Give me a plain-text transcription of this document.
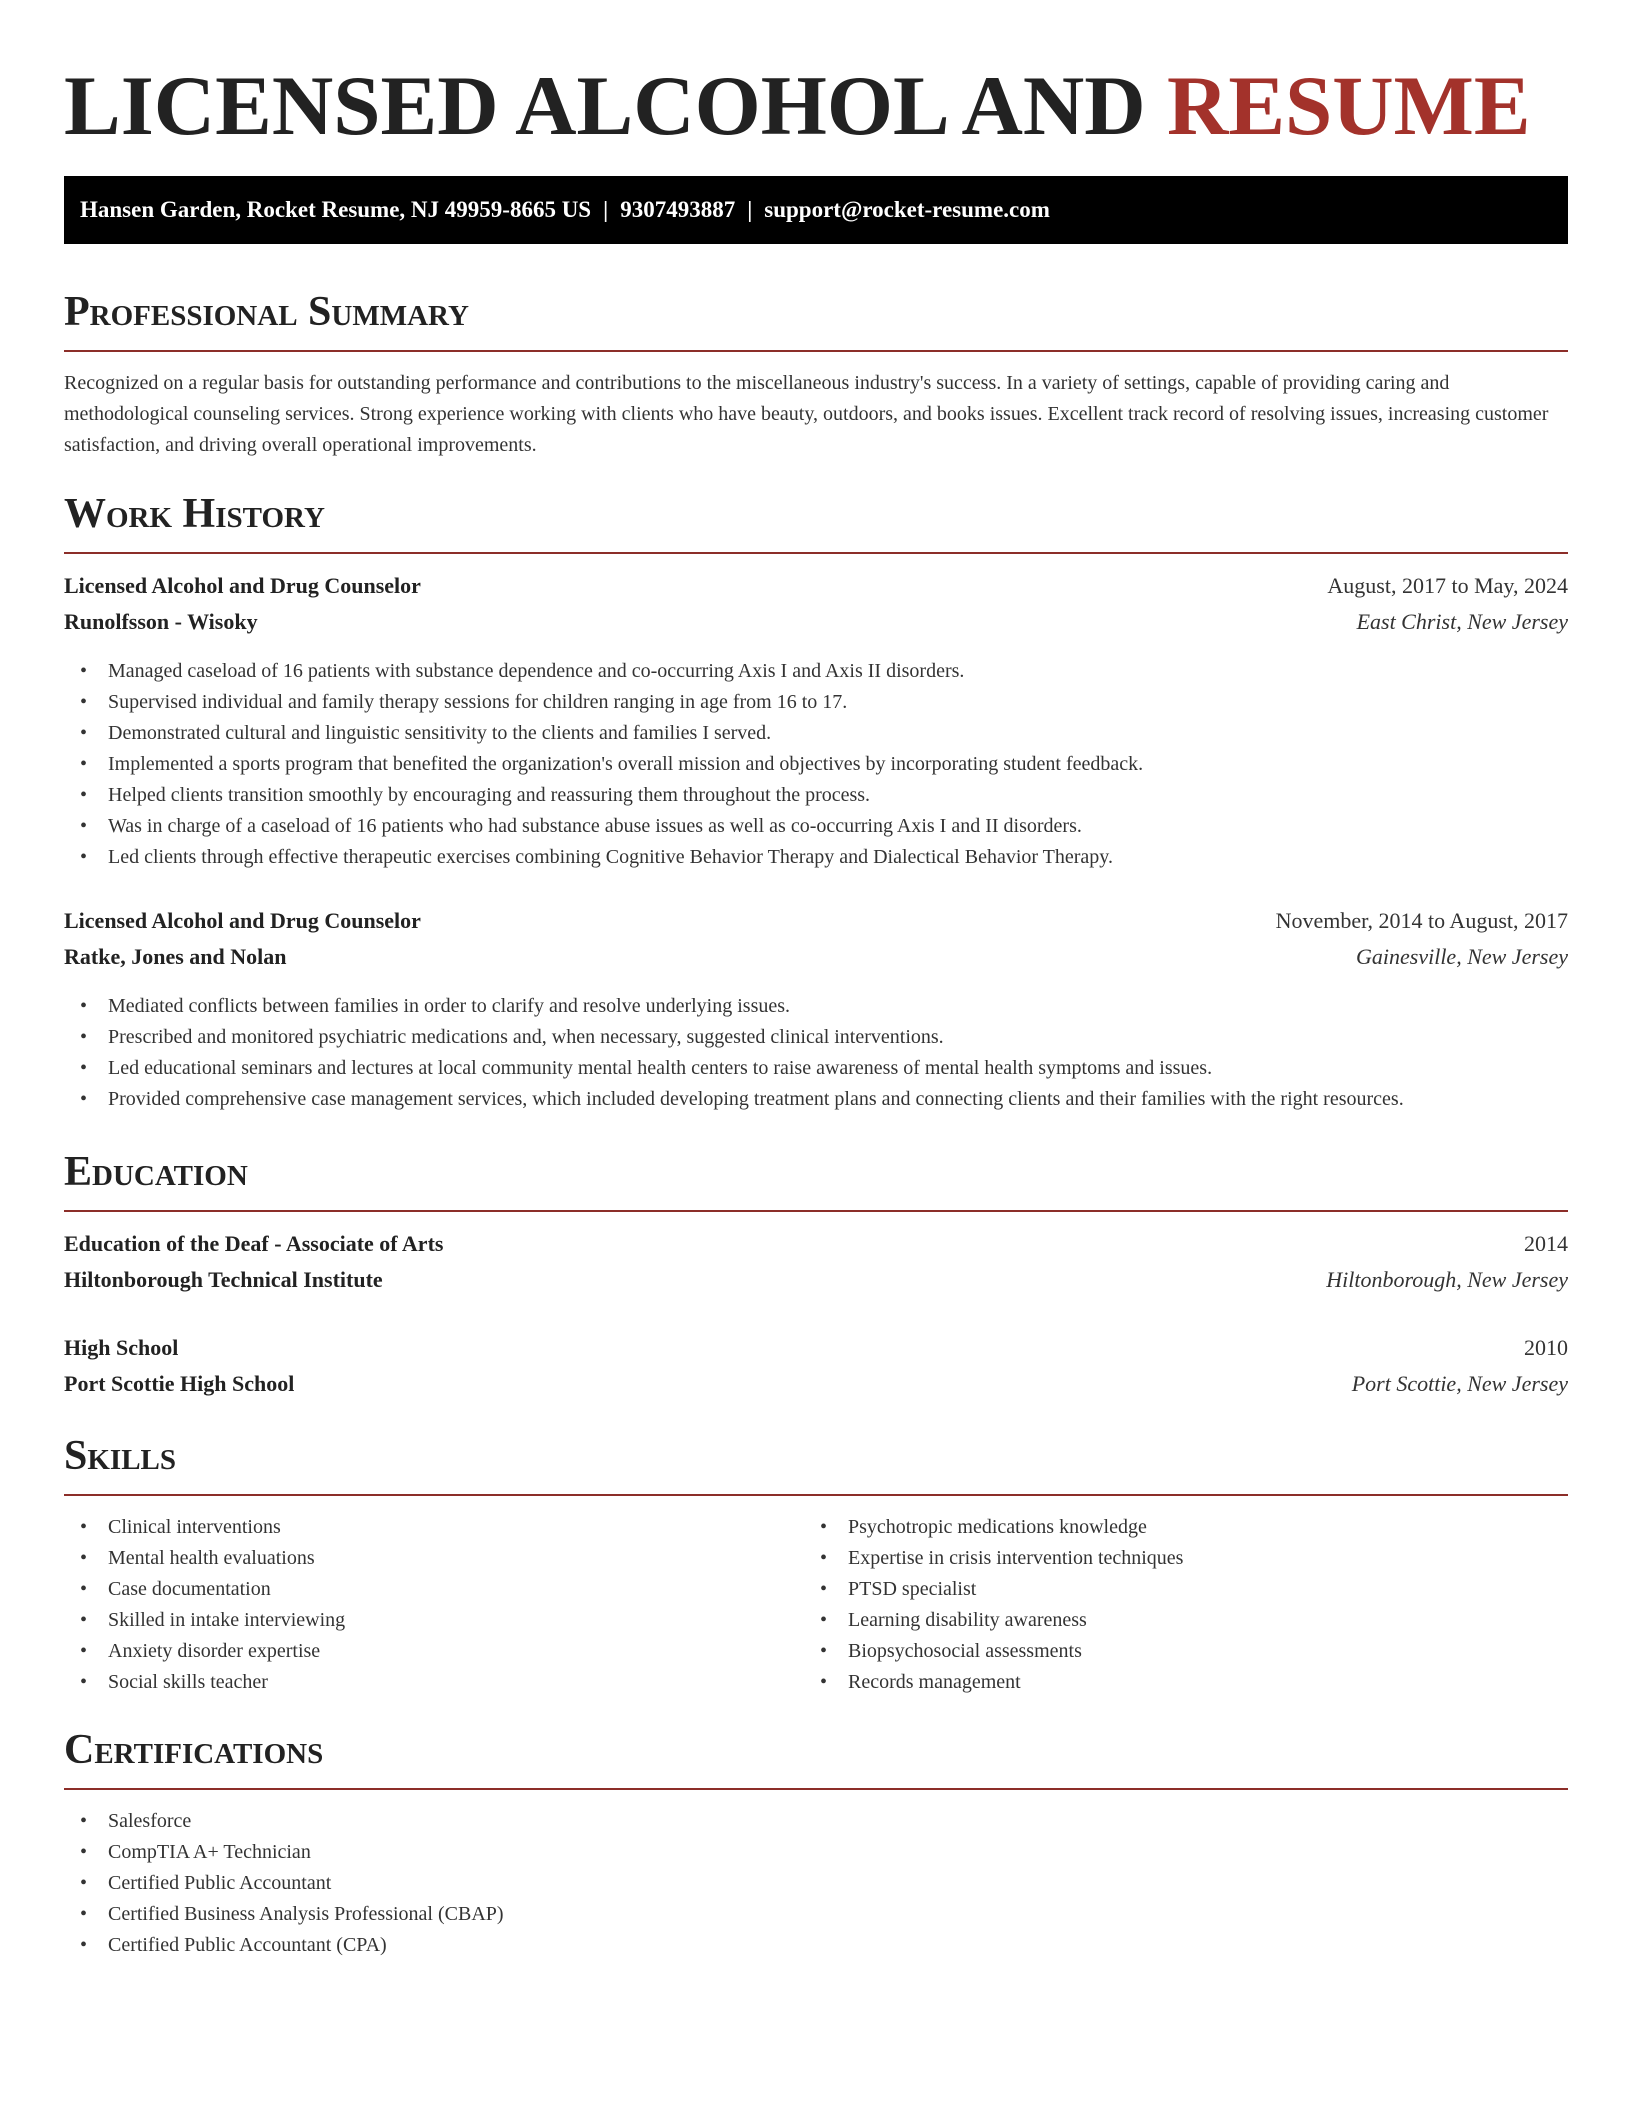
LICENSED ALCOHOL AND RESUME
Hansen Garden, Rocket Resume, NJ 49959-8665 US | 9307493887 | support@rocket-resume.com
Professional Summary
Recognized on a regular basis for outstanding performance and contributions to the miscellaneous industry's success. In a variety of settings, capable of providing caring and methodological counseling services. Strong experience working with clients who have beauty, outdoors, and books issues. Excellent track record of resolving issues, increasing customer satisfaction, and driving overall operational improvements.
Work History
Licensed Alcohol and Drug Counselor	August, 2017 to May, 2024
Runolfsson - Wisoky	East Christ, New Jersey
• Managed caseload of 16 patients with substance dependence and co-occurring Axis I and Axis II disorders.
• Supervised individual and family therapy sessions for children ranging in age from 16 to 17.
• Demonstrated cultural and linguistic sensitivity to the clients and families I served.
• Implemented a sports program that benefited the organization's overall mission and objectives by incorporating student feedback.
• Helped clients transition smoothly by encouraging and reassuring them throughout the process.
• Was in charge of a caseload of 16 patients who had substance abuse issues as well as co-occurring Axis I and II disorders.
• Led clients through effective therapeutic exercises combining Cognitive Behavior Therapy and Dialectical Behavior Therapy.
Licensed Alcohol and Drug Counselor	November, 2014 to August, 2017
Ratke, Jones and Nolan	Gainesville, New Jersey
• Mediated conflicts between families in order to clarify and resolve underlying issues.
• Prescribed and monitored psychiatric medications and, when necessary, suggested clinical interventions.
• Led educational seminars and lectures at local community mental health centers to raise awareness of mental health symptoms and issues.
• Provided comprehensive case management services, which included developing treatment plans and connecting clients and their families with the right resources.
Education
Education of the Deaf - Associate of Arts	2014
Hiltonborough Technical Institute	Hiltonborough, New Jersey
High School	2010
Port Scottie High School	Port Scottie, New Jersey
Skills
• Clinical interventions
• Mental health evaluations
• Case documentation
• Skilled in intake interviewing
• Anxiety disorder expertise
• Social skills teacher
• Psychotropic medications knowledge
• Expertise in crisis intervention techniques
• PTSD specialist
• Learning disability awareness
• Biopsychosocial assessments
• Records management
Certifications
• Salesforce
• CompTIA A+ Technician
• Certified Public Accountant
• Certified Business Analysis Professional (CBAP)
• Certified Public Accountant (CPA)
